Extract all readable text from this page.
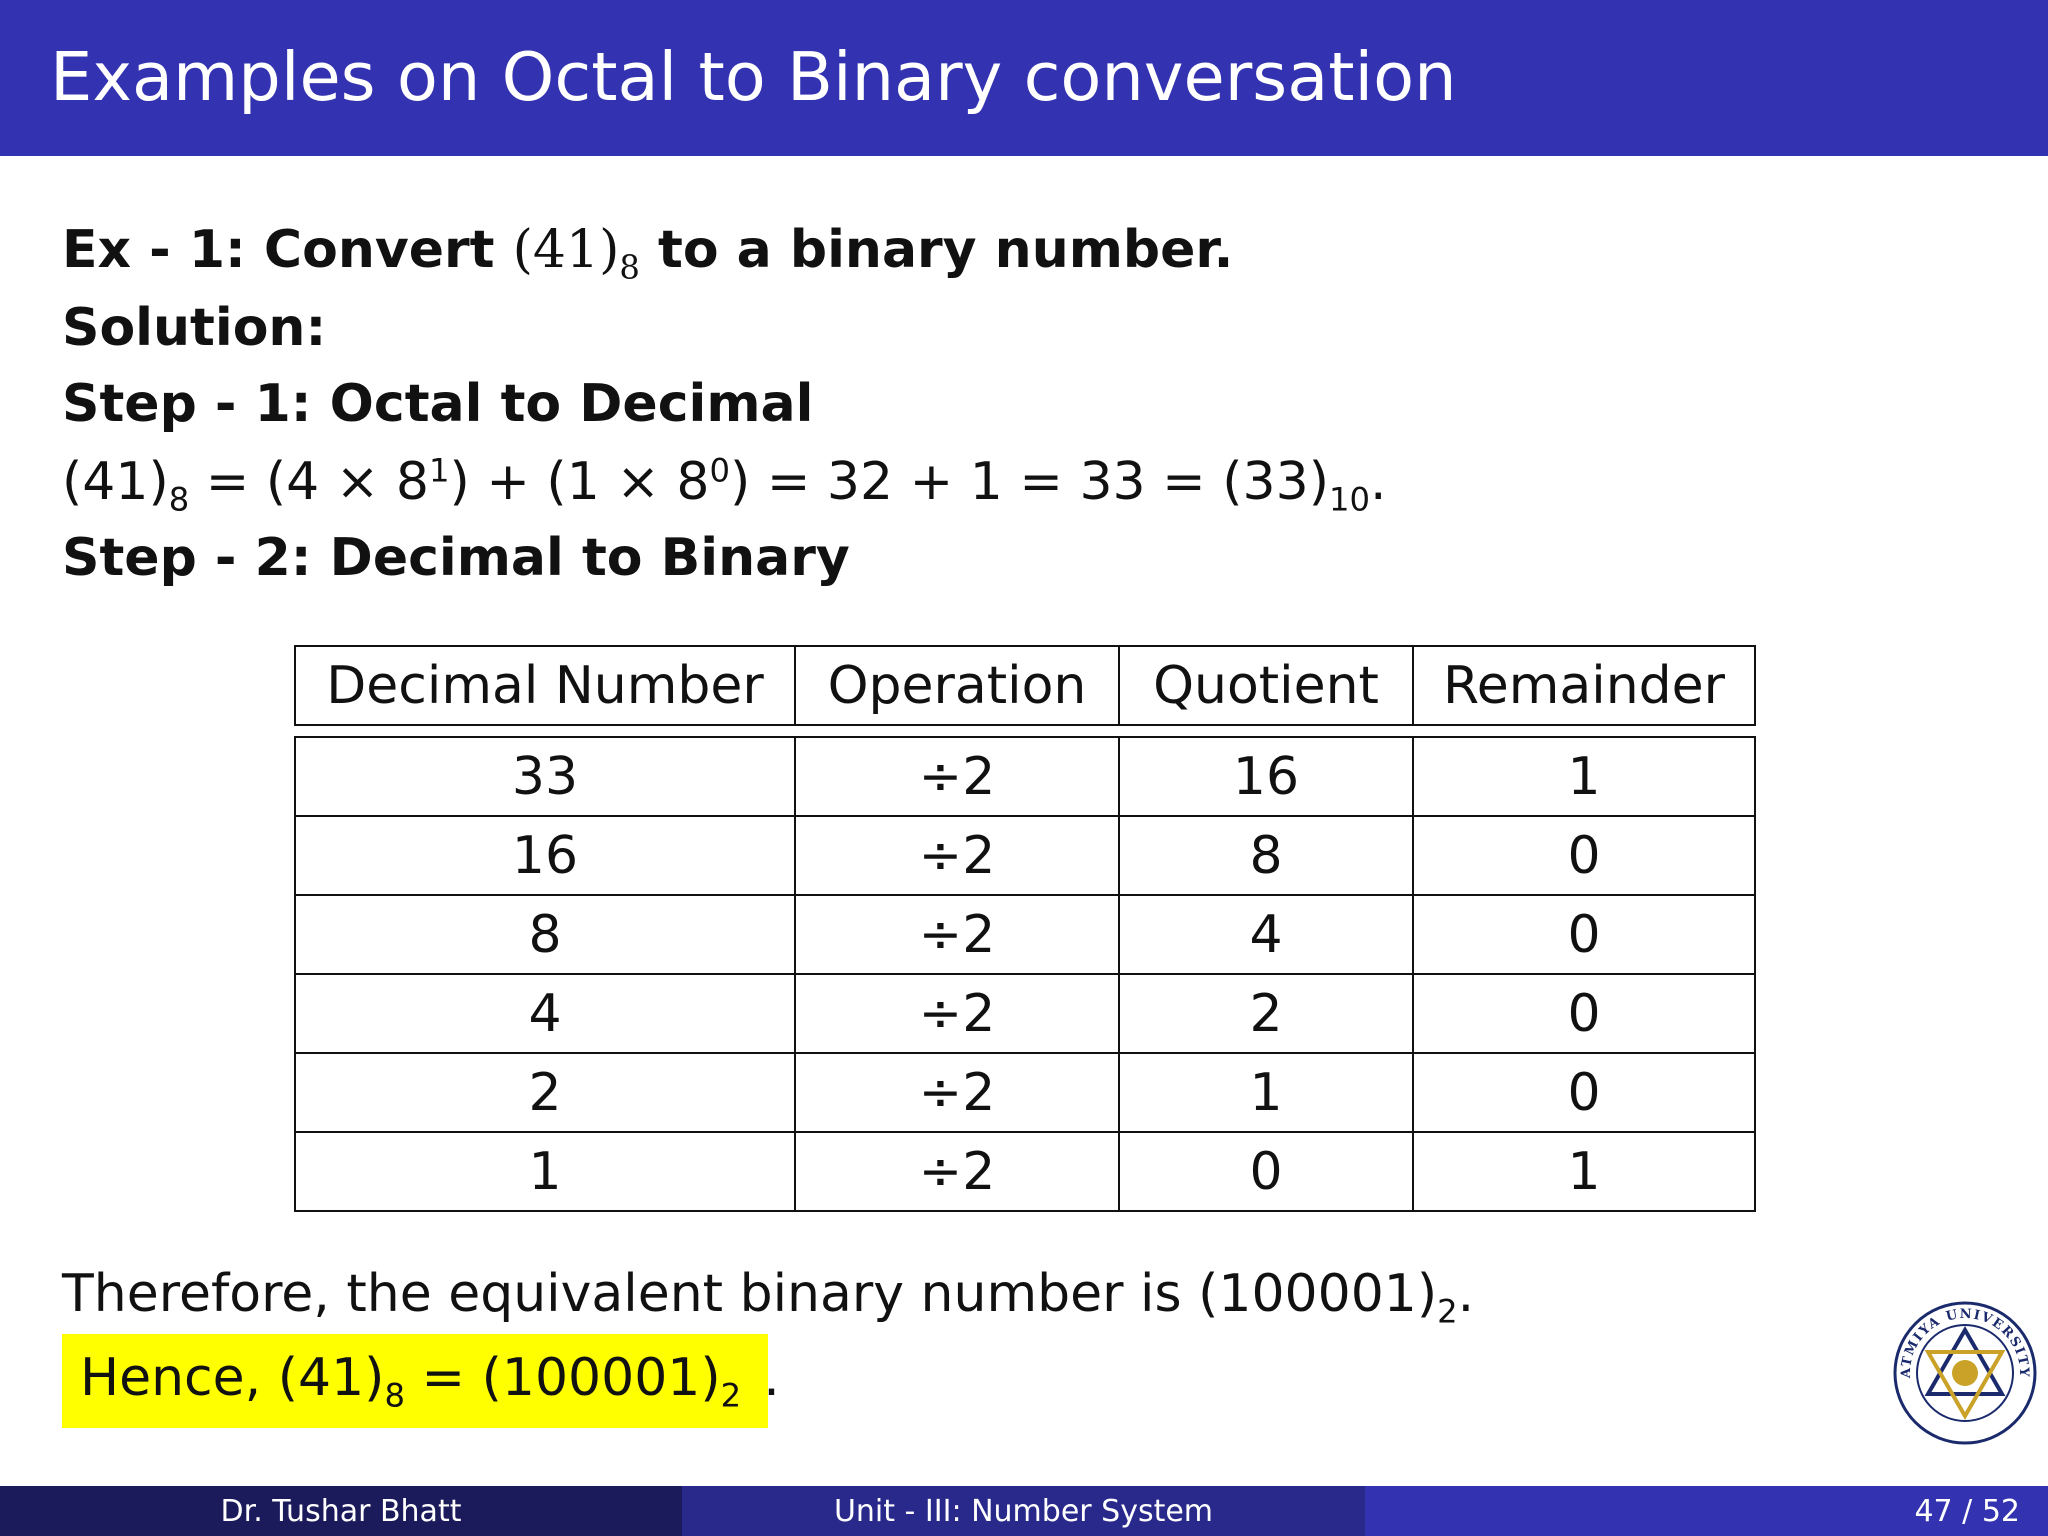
Examples on Octal to Binary conversation
Ex - 1: Convert $(41)_8$ to a binary number.
Solution:
Step - 1: Octal to Decimal
$(41)_8 = (4 \times 8^1) + (1 \times 8^0) = 32 + 1 = 33 = (33)_{10}$.
Step - 2: Decimal to Binary
Decimal Number	Operation	Quotient	Remainder
33	÷2	16	1
16	÷2	8	0
8	÷2	4	0
4	÷2	2	0
2	÷2	1	0
1	÷2	0	1
Therefore, the equivalent binary number is $(100001)_2$.
Hence, $(41)_8 = (100001)_2$ .	ATMIYA UNIVERSITY
Dr. Tushar Bhatt	Unit - III: Number System	47 / 52
